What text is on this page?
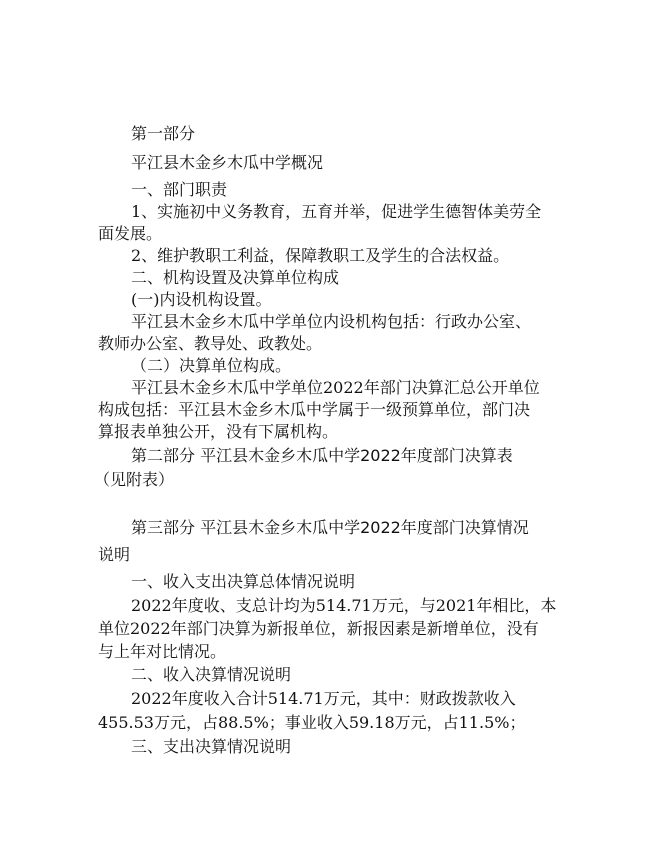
第一部分
平江县木金乡木瓜中学概况
一、部门职责
1、实施初中义务教育，五育并举，促进学生德智体美劳全
面发展。
2、维护教职工利益，保障教职工及学生的合法权益。
二、机构设置及决算单位构成
(一)内设机构设置。
平江县木金乡木瓜中学单位内设机构包括：行政办公室、
教师办公室、教导处、政教处。
（二）决算单位构成。
平江县木金乡木瓜中学单位2022年部门决算汇总公开单位
构成包括：平江县木金乡木瓜中学属于一级预算单位，部门决
算报表单独公开，没有下属机构。
第二部分 平江县木金乡木瓜中学2022年度部门决算表
（见附表）
第三部分 平江县木金乡木瓜中学2022年度部门决算情况
说明
一、收入支出决算总体情况说明
2022年度收、支总计均为514.71万元，与2021年相比，本
单位2022年部门决算为新报单位，新报因素是新增单位，没有
与上年对比情况。
二、收入决算情况说明
2022年度收入合计514.71万元，其中：财政拨款收入
455.53万元，占88.5%；事业收入59.18万元，占11.5%；
三、支出决算情况说明
